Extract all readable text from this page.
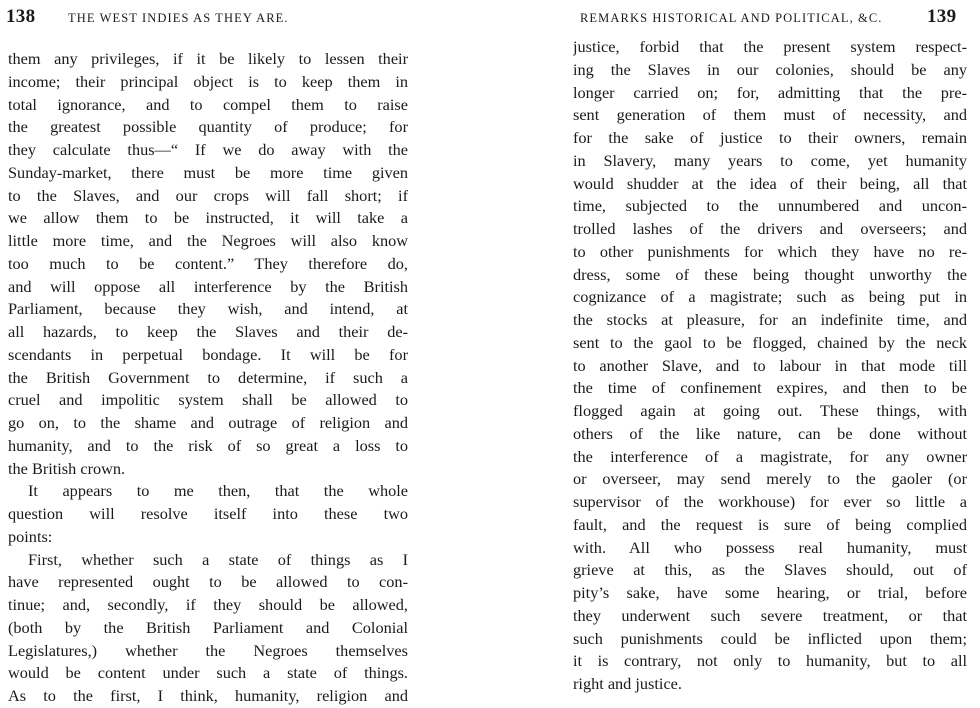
138	THE WEST INDIES AS THEY ARE.
them any privileges, if it be likely to lessen their
income; their principal object is to keep them in
total ignorance, and to compel them to raise
the greatest possible quantity of produce; for
they calculate thus—“ If we do away with the
Sunday-market, there must be more time given
to the Slaves, and our crops will fall short; if
we allow them to be instructed, it will take a
little more time, and the Negroes will also know
too much to be content.” They therefore do,
and will oppose all interference by the British
Parliament, because they wish, and intend, at
all hazards, to keep the Slaves and their de-
scendants in perpetual bondage. It will be for
the British Government to determine, if such a
cruel and impolitic system shall be allowed to
go on, to the shame and outrage of religion and
humanity, and to the risk of so great a loss to
the British crown.
It appears to me then, that the whole
question will resolve itself into these two
points:
First, whether such a state of things as I
have represented ought to be allowed to con-
tinue; and, secondly, if they should be allowed,
(both by the British Parliament and Colonial
Legislatures,) whether the Negroes themselves
would be content under such a state of things.
As to the first, I think, humanity, religion and
REMARKS HISTORICAL AND POLITICAL, &C. 139
justice, forbid that the present system respect-
ing the Slaves in our colonies, should be any
longer carried on; for, admitting that the pre-
sent generation of them must of necessity, and
for the sake of justice to their owners, remain
in Slavery, many years to come, yet humanity
would shudder at the idea of their being, all that
time, subjected to the unnumbered and uncon-
trolled lashes of the drivers and overseers; and
to other punishments for which they have no re-
dress, some of these being thought unworthy the
cognizance of a magistrate; such as being put in
the stocks at pleasure, for an indefinite time, and
sent to the gaol to be flogged, chained by the neck
to another Slave, and to labour in that mode till
the time of confinement expires, and then to be
flogged again at going out. These things, with
others of the like nature, can be done without
the interference of a magistrate, for any owner
or overseer, may send merely to the gaoler (or
supervisor of the workhouse) for ever so little a
fault, and the request is sure of being complied
with. All who possess real humanity, must
grieve at this, as the Slaves should, out of
pity’s sake, have some hearing, or trial, before
they underwent such severe treatment, or that
such punishments could be inflicted upon them;
it is contrary, not only to humanity, but to all
right and justice.
